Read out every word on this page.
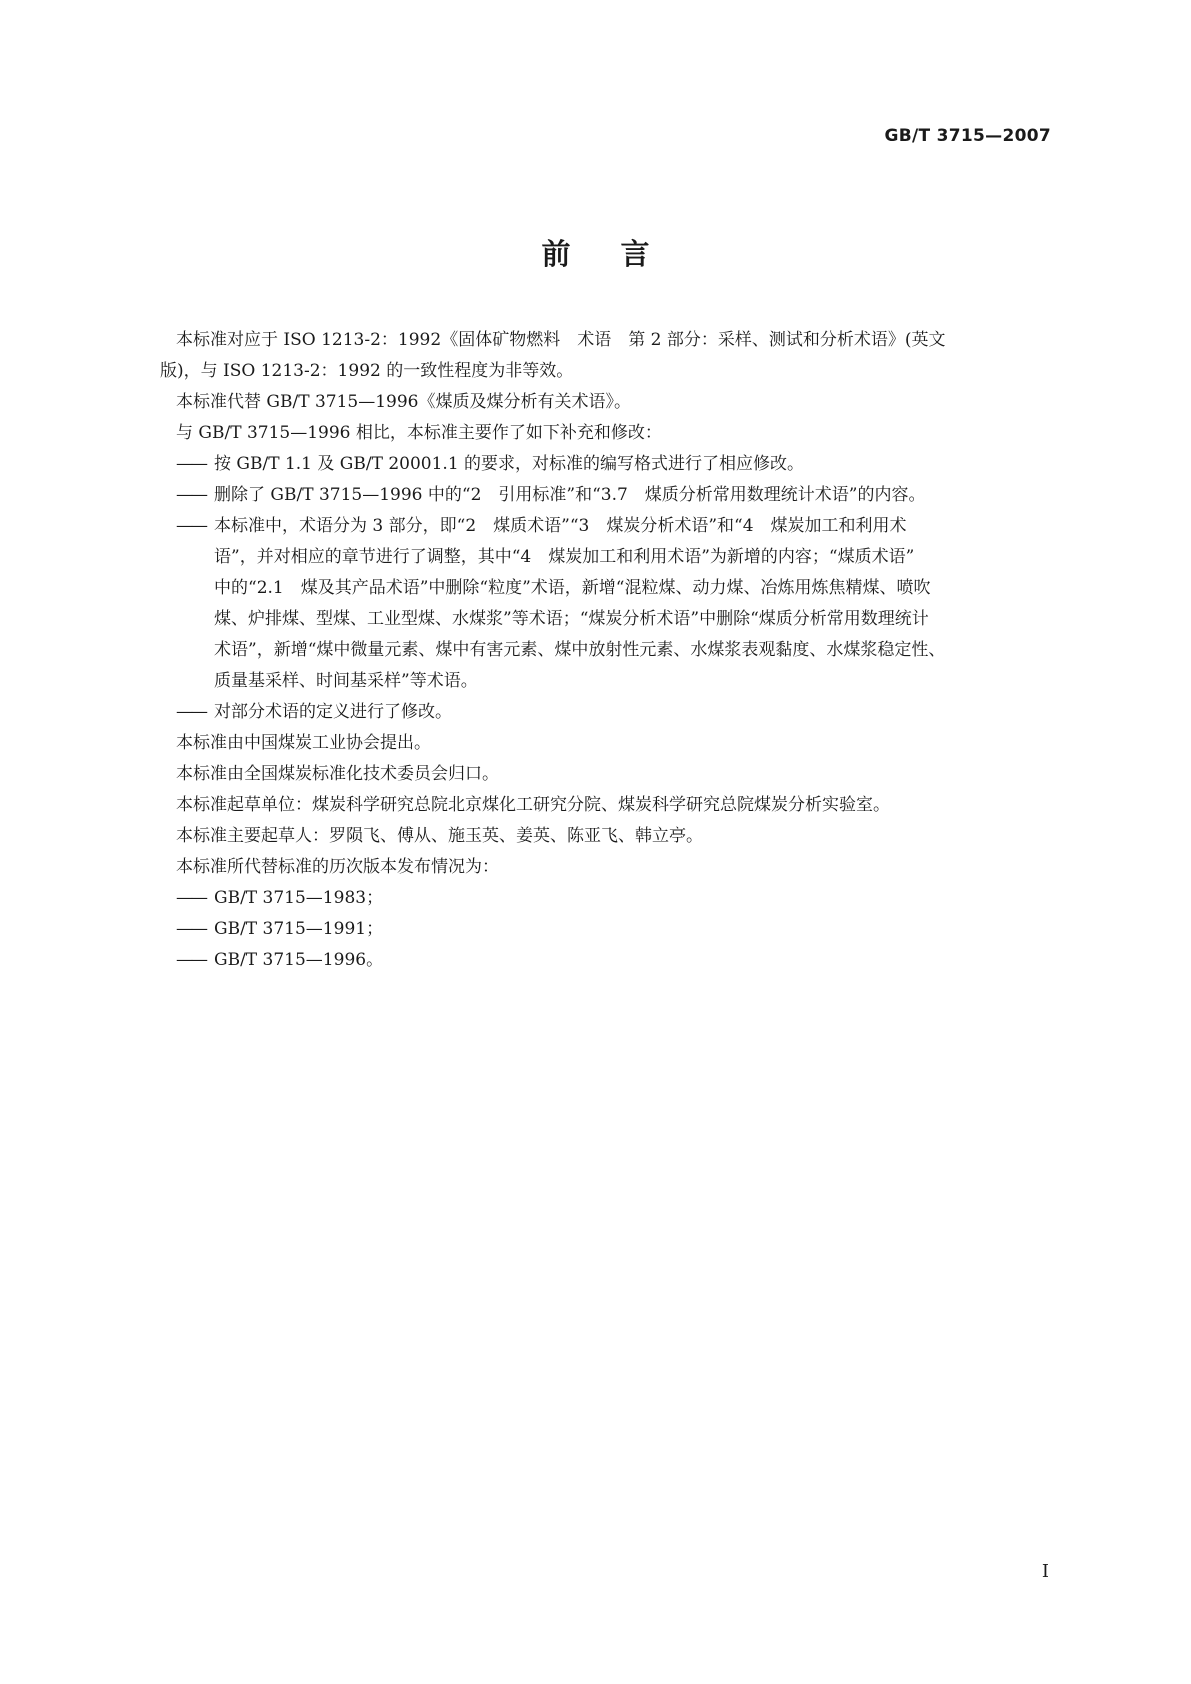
GB/T 3715—2007
前 言

本标准对应于 ISO 1213-2：1992《固体矿物燃料　术语　第 2 部分：采样、测试和分析术语》(英文

版)，与 ISO 1213-2：1992 的一致性程度为非等效。

本标准代替 GB/T 3715—1996《煤质及煤分析有关术语》。

与 GB/T 3715—1996 相比，本标准主要作了如下补充和修改：

—— 按 GB/T 1.1 及 GB/T 20001.1 的要求，对标准的编写格式进行了相应修改。

—— 删除了 GB/T 3715—1996 中的“2　引用标准”和“3.7　煤质分析常用数理统计术语”的内容。

—— 本标准中，术语分为 3 部分，即“2　煤质术语”“3　煤炭分析术语”和“4　煤炭加工和利用术

语”，并对相应的章节进行了调整，其中“4　煤炭加工和利用术语”为新增的内容；“煤质术语”

中的“2.1　煤及其产品术语”中删除“粒度”术语，新增“混粒煤、动力煤、冶炼用炼焦精煤、喷吹

煤、炉排煤、型煤、工业型煤、水煤浆”等术语；“煤炭分析术语”中删除“煤质分析常用数理统计

术语”，新增“煤中微量元素、煤中有害元素、煤中放射性元素、水煤浆表观黏度、水煤浆稳定性、

质量基采样、时间基采样”等术语。

—— 对部分术语的定义进行了修改。

本标准由中国煤炭工业协会提出。

本标准由全国煤炭标准化技术委员会归口。

本标准起草单位：煤炭科学研究总院北京煤化工研究分院、煤炭科学研究总院煤炭分析实验室。

本标准主要起草人：罗陨飞、傅从、施玉英、姜英、陈亚飞、韩立亭。

本标准所代替标准的历次版本发布情况为：

—— GB/T 3715—1983；

—— GB/T 3715—1991；

—— GB/T 3715—1996。

I
